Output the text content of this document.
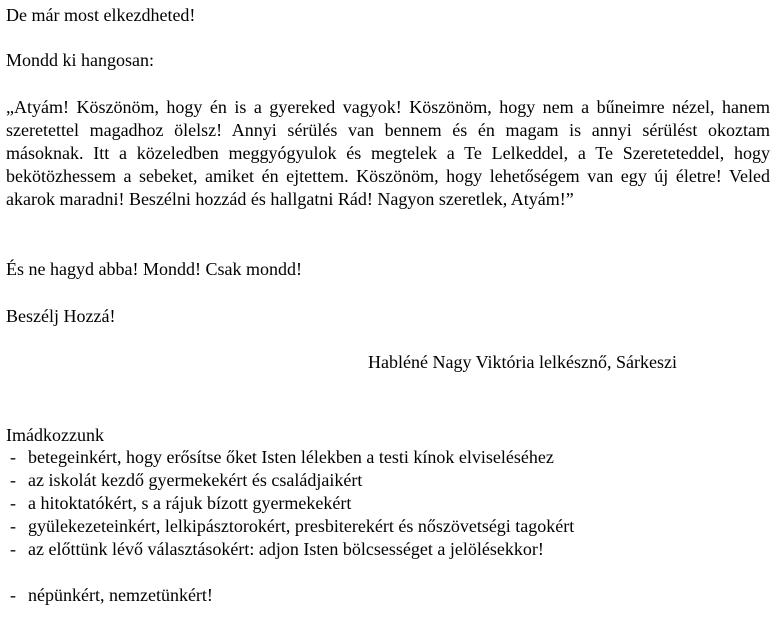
De már most elkezdheted!
Mondd ki hangosan:
„Atyám! Köszönöm, hogy én is a gyereked vagyok! Köszönöm, hogy nem a bűneimre nézel, hanem szeretettel magadhoz ölelsz! Annyi sérülés van bennem és én magam is annyi sérülést okoztam másoknak. Itt a közeledben meggyógyulok és megtelek a Te Lelkeddel, a Te Szereteteddel, hogy bekötözhessem a sebeket, amiket én ejtettem. Köszönöm, hogy lehetőségem van egy új életre! Veled akarok maradni! Beszélni hozzád és hallgatni Rád! Nagyon szeretlek, Atyám!”
És ne hagyd abba! Mondd! Csak mondd!
Beszélj Hozzá!
Habléné Nagy Viktória lelkésznő, Sárkeszi
Imádkozzunk
- betegeinkért, hogy erősítse őket Isten lélekben a testi kínok elviseléséhez
- az iskolát kezdő gyermekekért és családjaikért
- a hitoktatókért, s a rájuk bízott gyermekekért
- gyülekezeteinkért, lelkipásztorokért, presbiterekért és nőszövetségi tagokért
- az előttünk lévő választásokért: adjon Isten bölcsességet a jelölésekkor!
- népünkért, nemzetünkért!
